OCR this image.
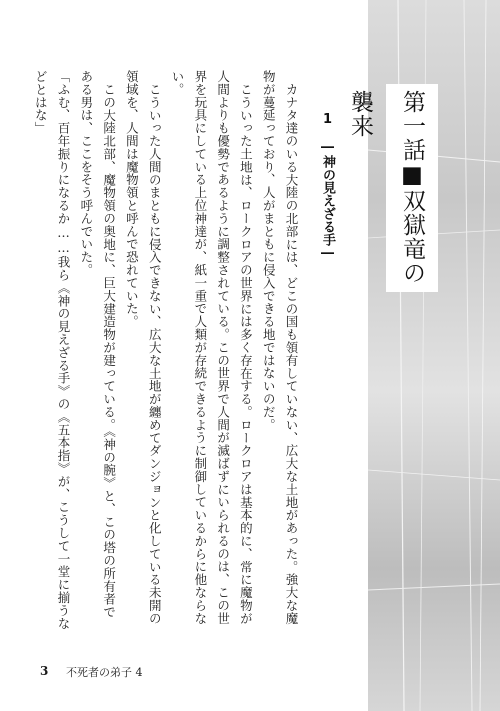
第一話■双獄竜の襲来
1　―神の見えざる手―

カナタ達のいる大陸の北部には、どこの国も領有していない、広大な土地があった。強大な魔物が蔓延っており、人がまともに侵入できる地ではないのだ。

こういった土地は、ロークロアの世界には多く存在する。ロークロアは基本的に、常に魔物が人間よりも優勢であるように調整されている。この世界で人間が滅ばずにいられるのは、この世界を玩具にしている上位神達が、紙一重で人類が存続できるように制御しているからに他ならない。

こういった人間のまともに侵入できない、広大な土地が纏めてダンジョンと化している未開の領域を、人間は魔物領と呼んで恐れていた。

この大陸北部、魔物領の奥地に、巨大建造物が建っている。《神の腕》と、この塔の所有者である男は、ここをそう呼んでいた。

「ふむ、百年振りになるか……我ら《神の見えざる手》の《五本指》が、こうして一堂に揃うなどとはな」

3 不死者の弟子 4
